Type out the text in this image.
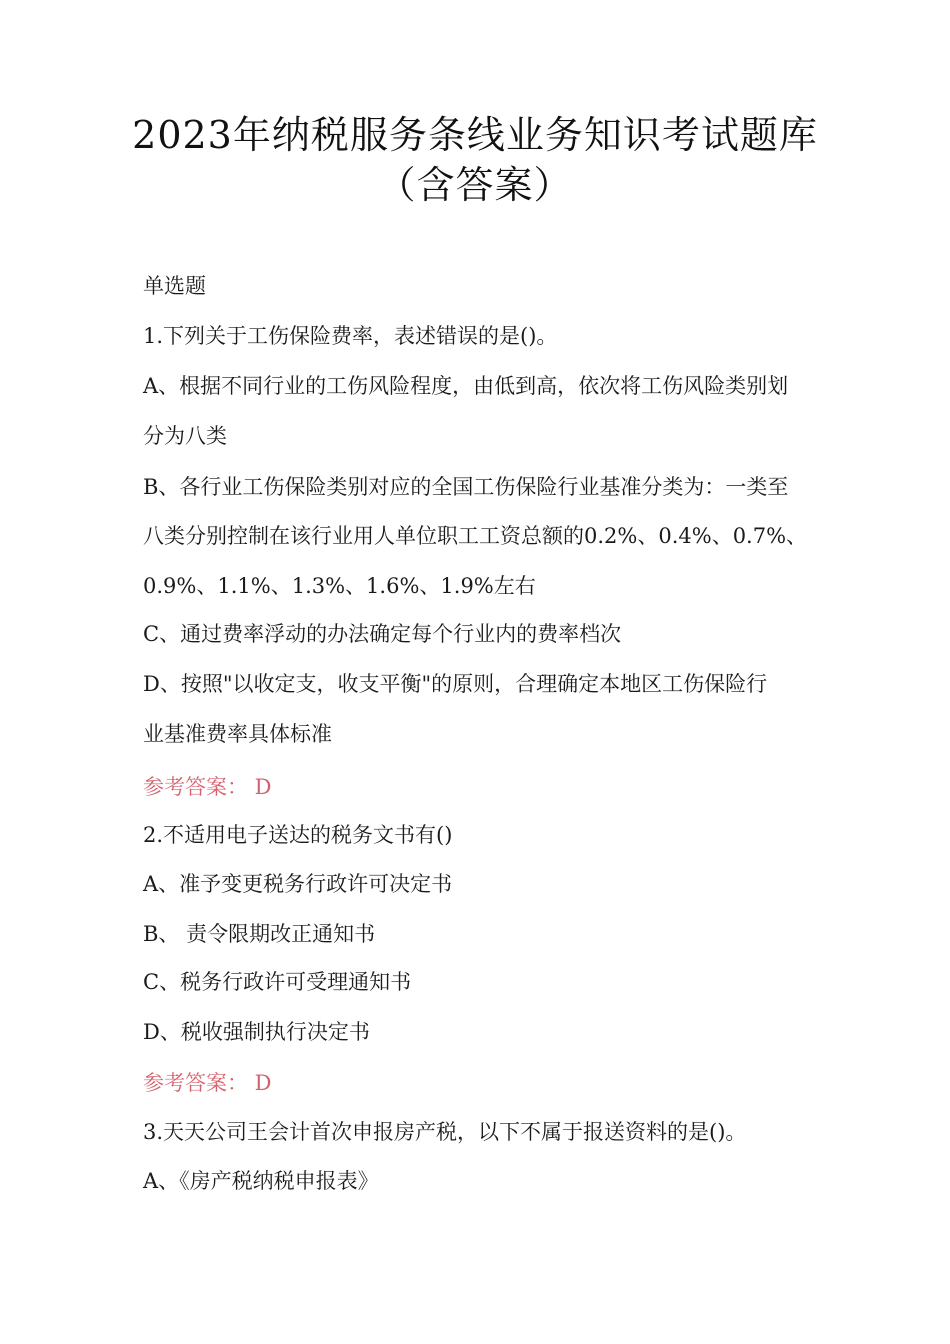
2023年纳税服务条线业务知识考试题库
（含答案）
单选题
1.下列关于工伤保险费率，表述错误的是()。
A、根据不同行业的工伤风险程度，由低到高，依次将工伤风险类别划
分为八类
B、各行业工伤保险类别对应的全国工伤保险行业基准分类为：一类至
八类分别控制在该行业用人单位职工工资总额的0.2%、0.4%、0.7%、
0.9%、1.1%、1.3%、1.6%、1.9%左右
C、通过费率浮动的办法确定每个行业内的费率档次
D、按照"以收定支，收支平衡"的原则，合理确定本地区工伤保险行
业基准费率具体标准
参考答案： D
2.不适用电子送达的税务文书有()
A、准予变更税务行政许可决定书
B、 责令限期改正通知书
C、税务行政许可受理通知书
D、税收强制执行决定书
参考答案： D
3.天天公司王会计首次申报房产税，以下不属于报送资料的是()。
A、《房产税纳税申报表》
